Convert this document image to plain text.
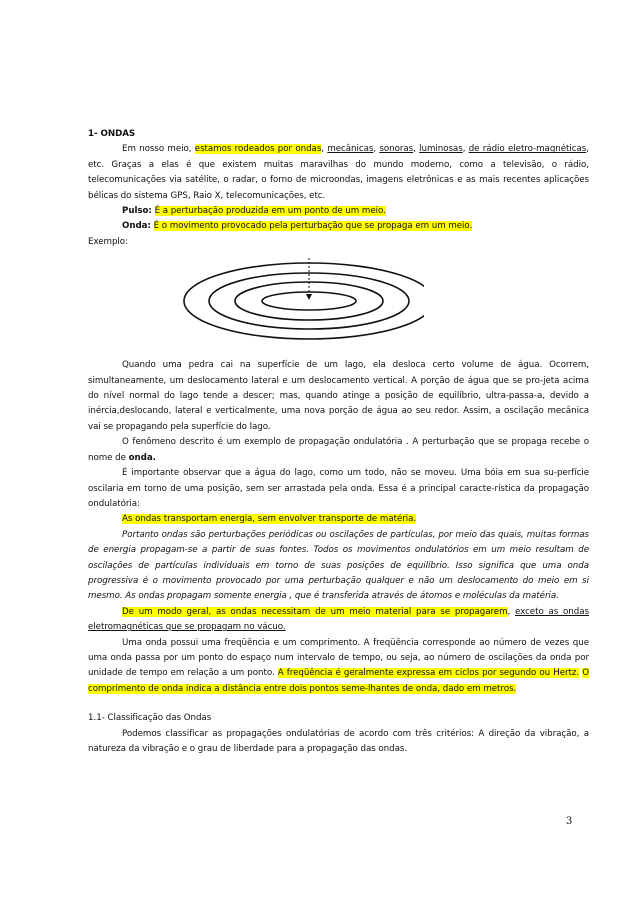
1- ONDAS

Em nosso meio, estamos rodeados por ondas, mecânicas, sonoras, luminosas, de rádio eletro-magnéticas, etc. Graças a elas é que existem muitas maravilhas do mundo moderno, como a televisão, o rádio, telecomunicações via satélite, o radar, o forno de microondas, imagens eletrônicas e as mais recentes aplicações bélicas do sistema GPS, Raio X, telecomunicações, etc.

Pulso: É a perturbação produzida em um ponto de um meio.

Onda: É o movimento provocado pela perturbação que se propaga em um meio.

Exemplo:

Quando uma pedra cai na superfície de um lago, ela desloca certo volume de água. Ocorrem, simultaneamente, um deslocamento lateral e um deslocamento vertical. A porção de água que se pro-jeta acima do nível normal do lago tende a descer; mas, quando atinge a posição de equilíbrio, ultra-passa-a, devido a inércia,deslocando, lateral e verticalmente, uma nova porção de água ao seu redor. Assim, a oscilação mecânica vai se propagando pela superfície do lago.

O fenômeno descrito é um exemplo de propagação ondulatória . A perturbação que se propaga recebe o nome de onda.

É importante observar que a água do lago, como um todo, não se moveu. Uma bóia em sua su-perfície oscilaria em torno de uma posição, sem ser arrastada pela onda. Essa é a principal caracte-rística da propagação ondulatória:

As ondas transportam energia, sem envolver transporte de matéria.

Portanto ondas são perturbações periódicas ou oscilações de partículas, por meio das quais, muitas formas de energia propagam-se a partir de suas fontes. Todos os movimentos ondulatórios em um meio resultam de oscilações de partículas individuais em torno de suas posições de equilíbrio. Isso significa que uma onda progressiva é o movimento provocado por uma perturbação qualquer e não um deslocamento do meio em si mesmo. As ondas propagam somente energia , que é transferida através de átomos e moléculas da matéria.

De um modo geral, as ondas necessitam de um meio material para se propagarem, exceto as ondas eletromagnéticas que se propagam no vácuo.

Uma onda possui uma freqüência e um comprimento. A freqüência corresponde ao número de vezes que uma onda passa por um ponto do espaço num intervalo de tempo, ou seja, ao número de oscilações da onda por unidade de tempo em relação a um ponto. A freqüência é geralmente expressa em ciclos por segundo ou Hertz. O comprimento de onda indica a distância entre dois pontos seme-lhantes de onda, dado em metros.

1.1- Classificação das Ondas

Podemos classificar as propagações ondulatórias de acordo com três critérios: A direção da vibração, a natureza da vibração e o grau de liberdade para a propagação das ondas.

3
